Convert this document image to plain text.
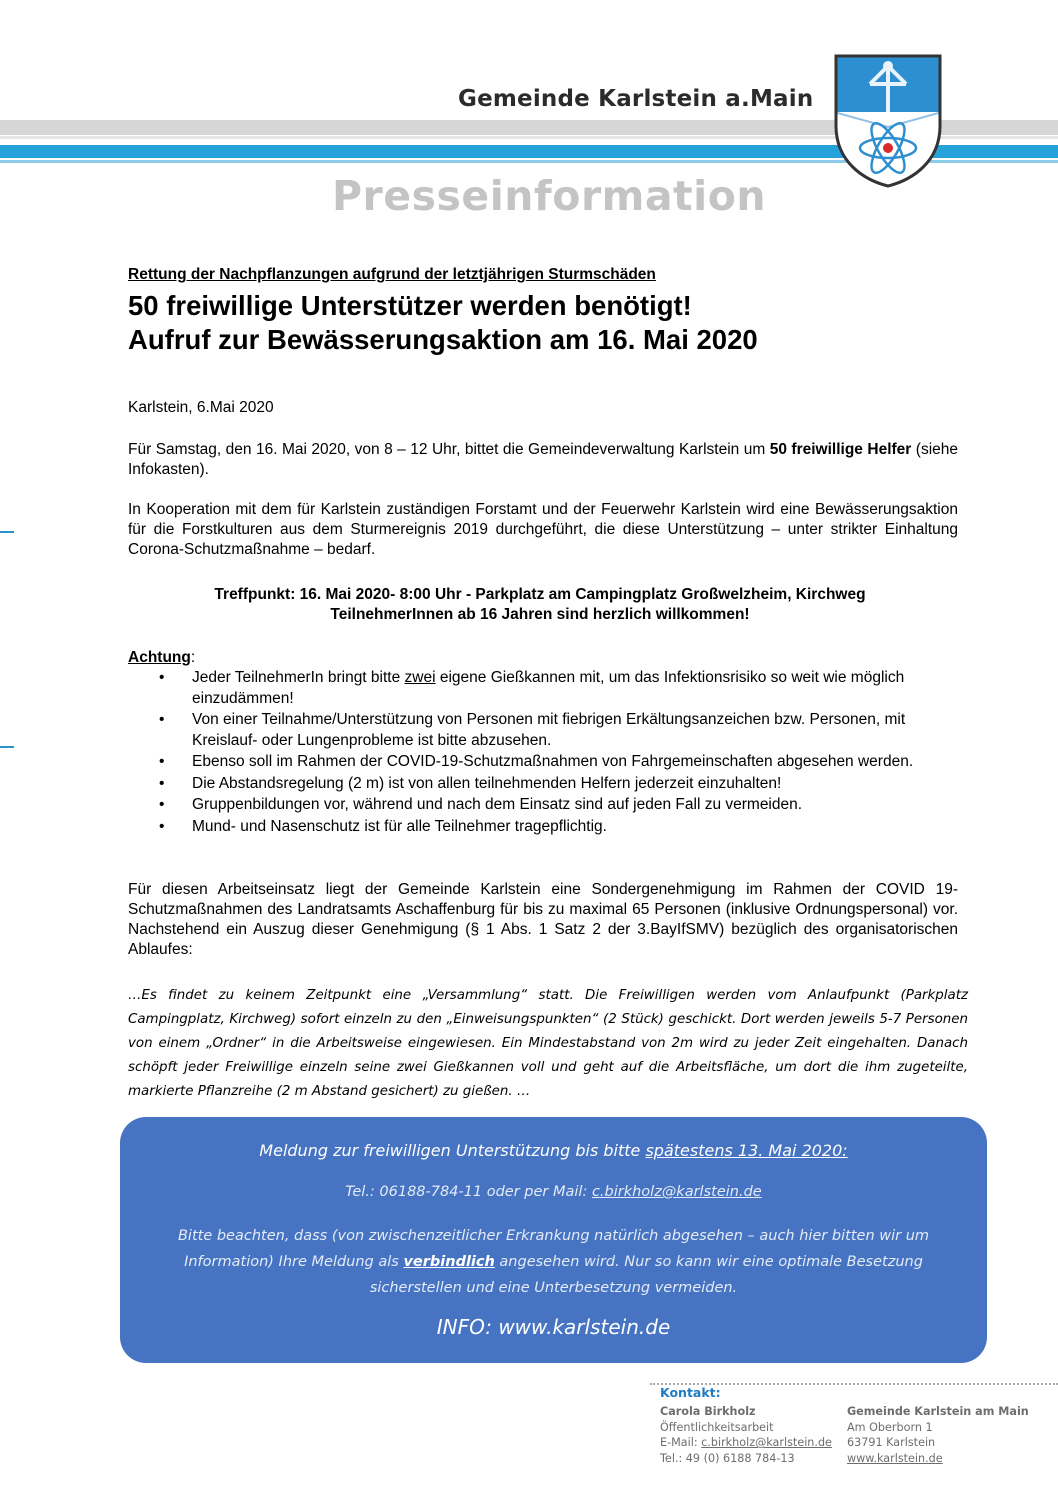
Gemeinde Karlstein a.Main
Presseinformation
Rettung der Nachpflanzungen aufgrund der letztjährigen Sturmschäden
50 freiwillige Unterstützer werden benötigt!
Aufruf zur Bewässerungsaktion am 16. Mai 2020
Karlstein, 6.Mai 2020
Für Samstag, den 16. Mai 2020, von 8 – 12 Uhr, bittet die Gemeindeverwaltung Karlstein um 50 freiwillige Helfer (siehe Infokasten).
In Kooperation mit dem für Karlstein zuständigen Forstamt und der Feuerwehr Karlstein wird eine Bewässerungsaktion für die Forstkulturen aus dem Sturmereignis 2019 durchgeführt, die diese Unterstützung – unter strikter Einhaltung Corona-Schutzmaßnahme – bedarf.
Treffpunkt: 16. Mai 2020- 8:00 Uhr - Parkplatz am Campingplatz Großwelzheim, Kirchweg
TeilnehmerInnen ab 16 Jahren sind herzlich willkommen!
Achtung:
• Jeder TeilnehmerIn bringt bitte zwei eigene Gießkannen mit, um das Infektionsrisiko so weit wie möglich einzudämmen!
• Von einer Teilnahme/Unterstützung von Personen mit fiebrigen Erkältungsanzeichen bzw. Personen, mit Kreislauf- oder Lungenprobleme ist bitte abzusehen.
• Ebenso soll im Rahmen der COVID-19-Schutzmaßnahmen von Fahrgemeinschaften abgesehen werden.
• Die Abstandsregelung (2 m) ist von allen teilnehmenden Helfern jederzeit einzuhalten!
• Gruppenbildungen vor, während und nach dem Einsatz sind auf jeden Fall zu vermeiden.
• Mund- und Nasenschutz ist für alle Teilnehmer tragepflichtig.
Für diesen Arbeitseinsatz liegt der Gemeinde Karlstein eine Sondergenehmigung im Rahmen der COVID 19-Schutzmaßnahmen des Landratsamts Aschaffenburg für bis zu maximal 65 Personen (inklusive Ordnungspersonal) vor. Nachstehend ein Auszug dieser Genehmigung (§ 1 Abs. 1 Satz 2 der 3.BayIfSMV) bezüglich des organisatorischen Ablaufes:
…Es findet zu keinem Zeitpunkt eine „Versammlung“ statt. Die Freiwilligen werden vom Anlaufpunkt (Parkplatz Campingplatz, Kirchweg) sofort einzeln zu den „Einweisungspunkten“ (2 Stück) geschickt. Dort werden jeweils 5-7 Personen von einem „Ordner“ in die Arbeitsweise eingewiesen. Ein Mindestabstand von 2m wird zu jeder Zeit eingehalten. Danach schöpft jeder Freiwillige einzeln seine zwei Gießkannen voll und geht auf die Arbeitsfläche, um dort die ihm zugeteilte, markierte Pflanzreihe (2 m Abstand gesichert) zu gießen. …
Meldung zur freiwilligen Unterstützung bis bitte spätestens 13. Mai 2020:
Tel.: 06188-784-11 oder per Mail: c.birkholz@karlstein.de
Bitte beachten, dass (von zwischenzeitlicher Erkrankung natürlich abgesehen – auch hier bitten wir um Information) Ihre Meldung als verbindlich angesehen wird. Nur so kann wir eine optimale Besetzung sicherstellen und eine Unterbesetzung vermeiden.
INFO: www.karlstein.de
Kontakt:
Carola Birkholz
Öffentlichkeitsarbeit
E-Mail: c.birkholz@karlstein.de
Tel.: 49 (0) 6188 784-13
Gemeinde Karlstein am Main
Am Oberborn 1
63791 Karlstein
www.karlstein.de
